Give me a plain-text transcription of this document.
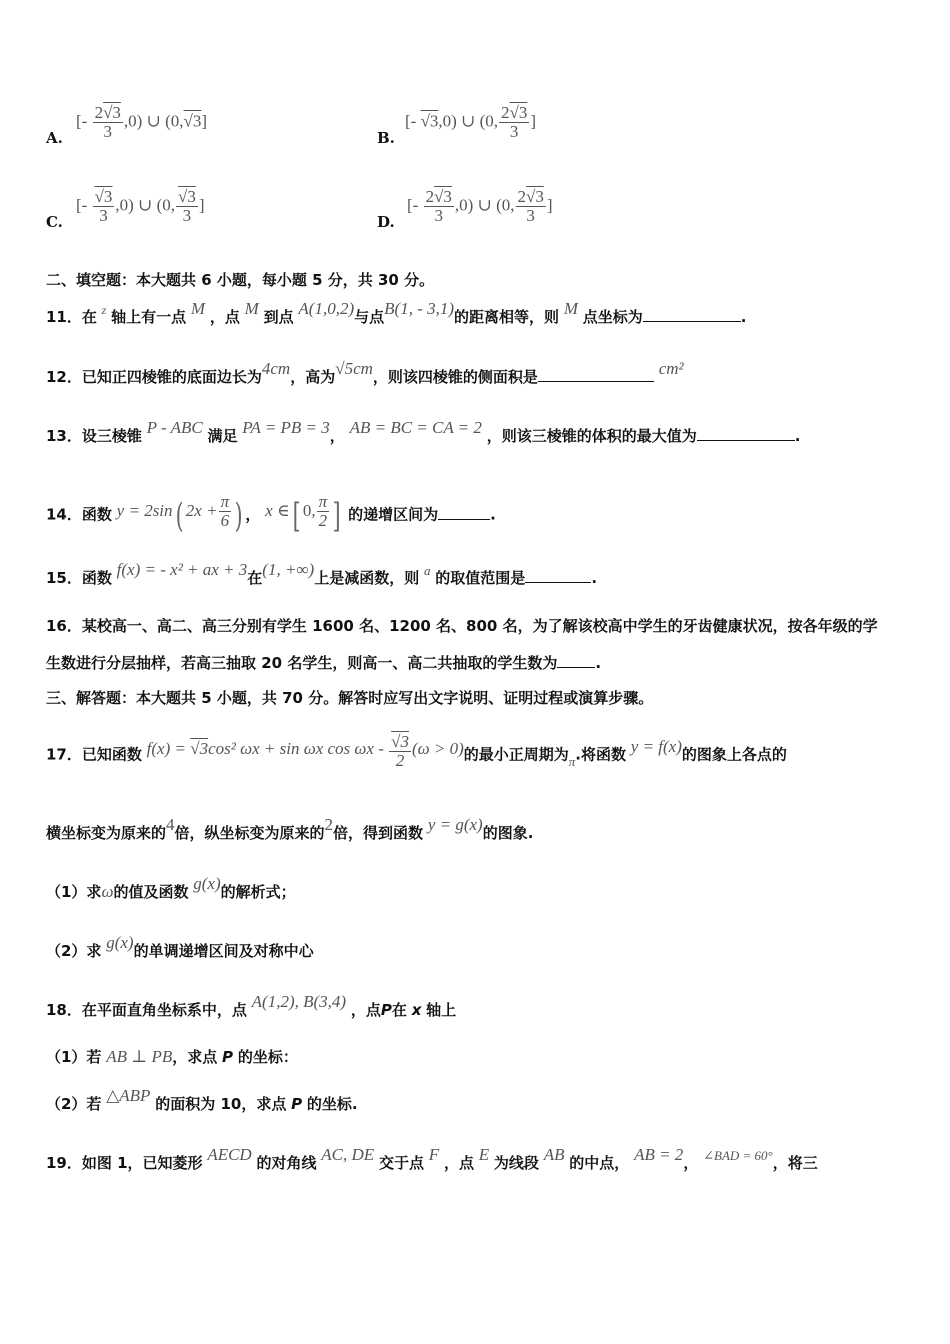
A.
[- $\frac{2√3}{3} ,0$) ∪ (0,√3]
B.
[- √3,0) ∪ (0, $\frac{2√3}{3}$ ]
C.
[- $\frac{√3}{3} ,0$) ∪ (0, $\frac{√3}{3}$ ]
D.
[- $\frac{2√3}{3} ,0$) ∪ (0, $\frac{2√3}{3}$ ]
二、填空题：本大题共 6 小题，每小题 5 分，共 30 分。
11．在 $^z$ 轴上有一点 M ，点 M 到点 A(1,0,2)与点B(1, - 3,1)的距离相等，则 M 点坐标为	.
12．已知正四棱锥的底面边长为4cm，高为√5cm，则该四棱锥的侧面积是	cm²
13．设三棱锥 P - ABC 满足 PA = PB = 3， AB = BC = CA = 2 ，则该三棱锥的体积的最大值为	.
14．函数 y = 2sin( $2x + \frac{\pi}{6}$ ) ， x ∈[ 0, $\frac{\pi}{2}$ ] 的递增区间为	.
15．函数 f(x) = - x² + ax + 3在(1, +∞)上是减函数，则 a 的取值范围是	.
16．某校高一、高二、高三分别有学生 1600 名、1200 名、800 名，为了解该校高中学生的牙齿健康状况，按各年级的学
生数进行分层抽样，若高三抽取 20 名学生，则高一、高二共抽取的学生数为	.
三、解答题：本大题共 5 小题，共 70 分。解答时应写出文字说明、证明过程或演算步骤。
17．已知函数 f(x) = √3cos² ωx + sin ωx $\cos \omega x - \frac{√3}{2} (\omega > 0)$的最小正周期为π.将函数 y = f(x)的图象上各点的
横坐标变为原来的4倍，纵坐标变为原来的2倍，得到函数 y = g(x)的图象.
（1）求ω的值及函数 g(x)的解析式；
（2）求 g(x)的单调递增区间及对称中心
18．在平面直角坐标系中，点 A(1,2), B(3,4) ，点P在 x 轴上
（1）若 AB ⊥ PB，求点 P 的坐标：
（2）若 △ABP 的面积为 10，求点 P 的坐标.
19．如图 1，已知菱形 AECD 的对角线 AC, DE 交于点 F ，点 E 为线段 AB 的中点， AB = 2， ∠BAD = 60°，将三
